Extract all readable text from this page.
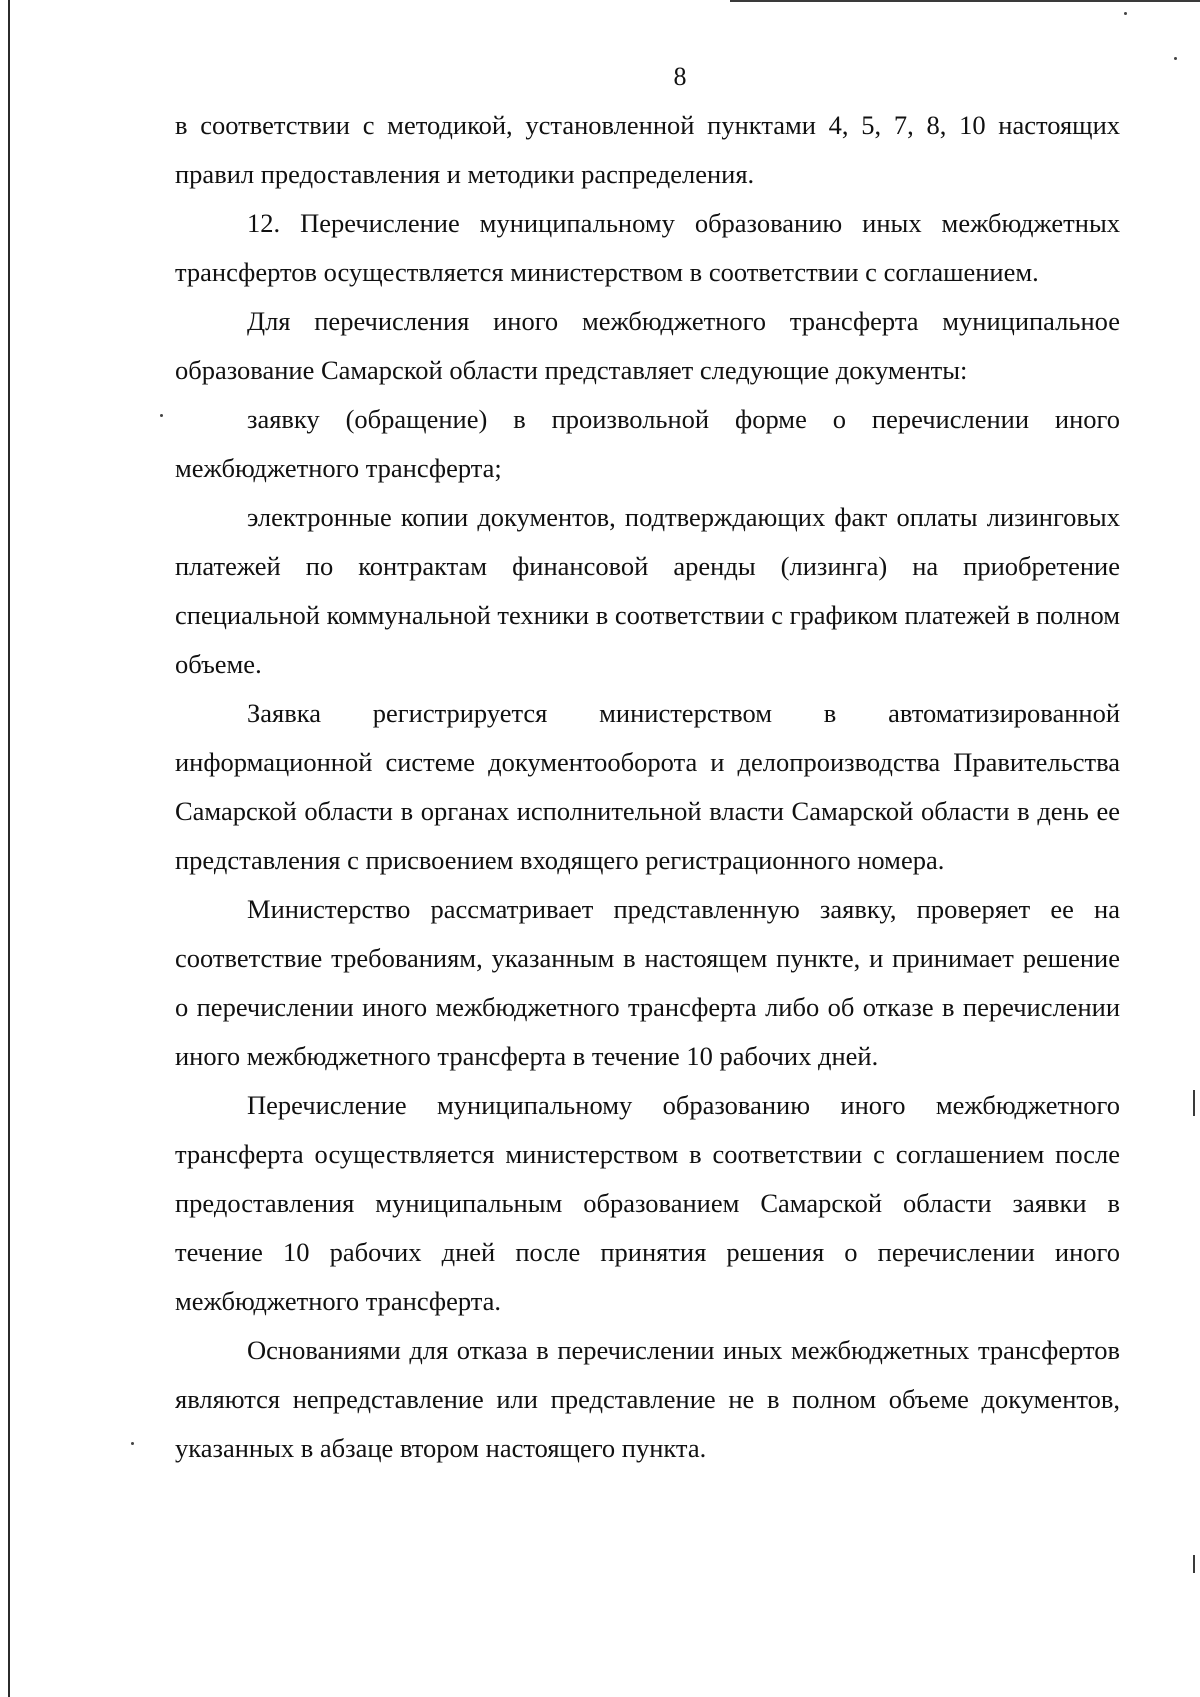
8

в соответствии с методикой, установленной пунктами 4, 5, 7, 8, 10 настоящих правил предоставления и методики распределения.

12. Перечисление муниципальному образованию иных межбюджетных трансфертов осуществляется министерством в соответствии с соглашением.

Для перечисления иного межбюджетного трансферта муниципальное образование Самарской области представляет следующие документы:

заявку (обращение) в произвольной форме о перечислении иного межбюджетного трансферта;

электронные копии документов, подтверждающих факт оплаты лизинговых платежей по контрактам финансовой аренды (лизинга) на приобретение специальной коммунальной техники в соответствии с графиком платежей в полном объеме.

Заявка регистрируется министерством в автоматизированной информационной системе документооборота и делопроизводства Правительства Самарской области в органах исполнительной власти Самарской области в день ее представления с присвоением входящего регистрационного номера.

Министерство рассматривает представленную заявку, проверяет ее на соответствие требованиям, указанным в настоящем пункте, и принимает решение о перечислении иного межбюджетного трансферта либо об отказе в перечислении иного межбюджетного трансферта в течение 10 рабочих дней.

Перечисление муниципальному образованию иного межбюджетного трансферта осуществляется министерством в соответствии с соглашением после предоставления муниципальным образованием Самарской области заявки в течение 10 рабочих дней после принятия решения о перечислении иного межбюджетного трансферта.

Основаниями для отказа в перечислении иных межбюджетных трансфертов являются непредставление или представление не в полном объеме документов, указанных в абзаце втором настоящего пункта.
